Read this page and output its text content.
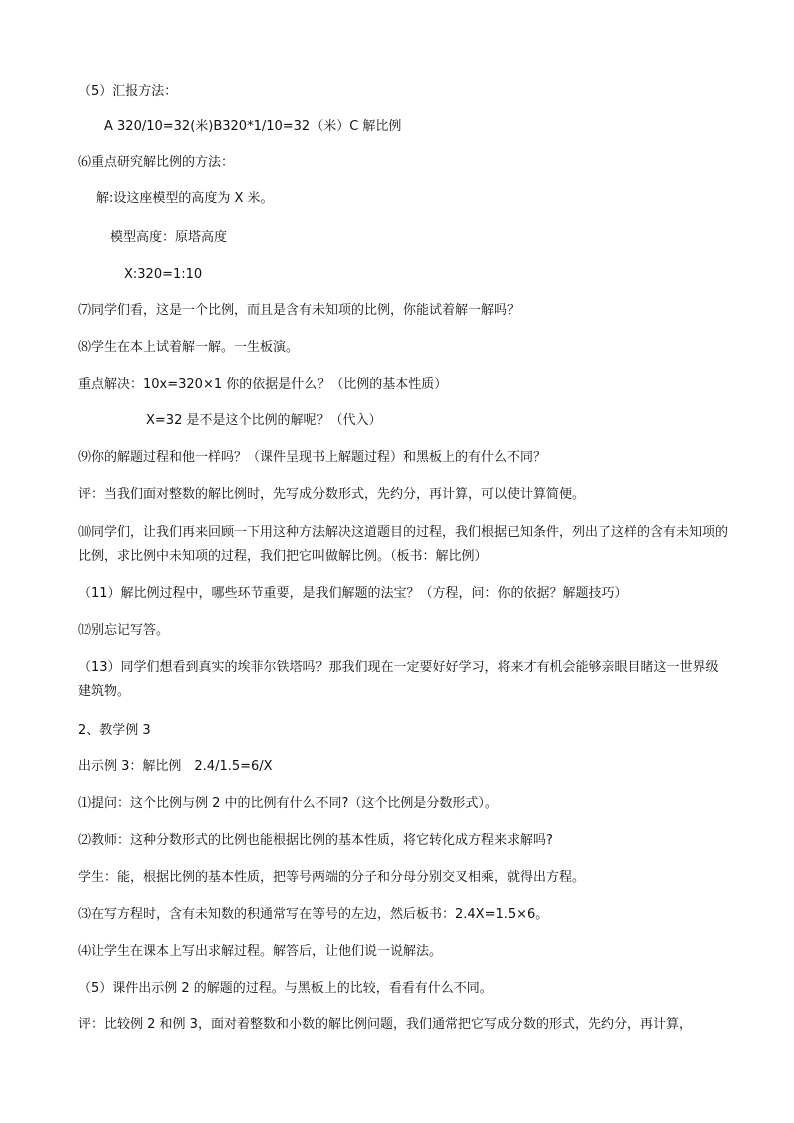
（5）汇报方法：
A 320/10=32(米)B320*1/10=32（米）C 解比例
⑹重点研究解比例的方法：
解:设这座模型的高度为 X 米。
模型高度：原塔高度
X:320=1:10
⑺同学们看，这是一个比例，而且是含有未知项的比例，你能试着解一解吗？
⑻学生在本上试着解一解。一生板演。
重点解决：10x=320×1 你的依据是什么？（比例的基本性质）
X=32 是不是这个比例的解呢？（代入）
⑼你的解题过程和他一样吗？（课件呈现书上解题过程）和黑板上的有什么不同？
评：当我们面对整数的解比例时，先写成分数形式，先约分，再计算，可以使计算简便。
⑽同学们，让我们再来回顾一下用这种方法解决这道题目的过程，我们根据已知条件，列出了这样的含有未知项的比例，求比例中未知项的过程，我们把它叫做解比例。（板书：解比例）
（11）解比例过程中，哪些环节重要，是我们解题的法宝？（方程，问：你的依据？解题技巧）
⑿别忘记写答。
（13）同学们想看到真实的埃菲尔铁塔吗？那我们现在一定要好好学习，将来才有机会能够亲眼目睹这一世界级建筑物。
2、教学例 3
出示例 3：解比例　2.4/1.5=6/X
⑴提问：这个比例与例 2 中的比例有什么不同?（这个比例是分数形式）。
⑵教师：这种分数形式的比例也能根据比例的基本性质，将它转化成方程来求解吗?
学生：能，根据比例的基本性质，把等号两端的分子和分母分别交叉相乘，就得出方程。
⑶在写方程时，含有未知数的积通常写在等号的左边，然后板书：2.4X=1.5×6。
⑷让学生在课本上写出求解过程。解答后，让他们说一说解法。
（5）课件出示例 2 的解题的过程。与黑板上的比较，看看有什么不同。
评：比较例 2 和例 3，面对着整数和小数的解比例问题，我们通常把它写成分数的形式，先约分，再计算，
